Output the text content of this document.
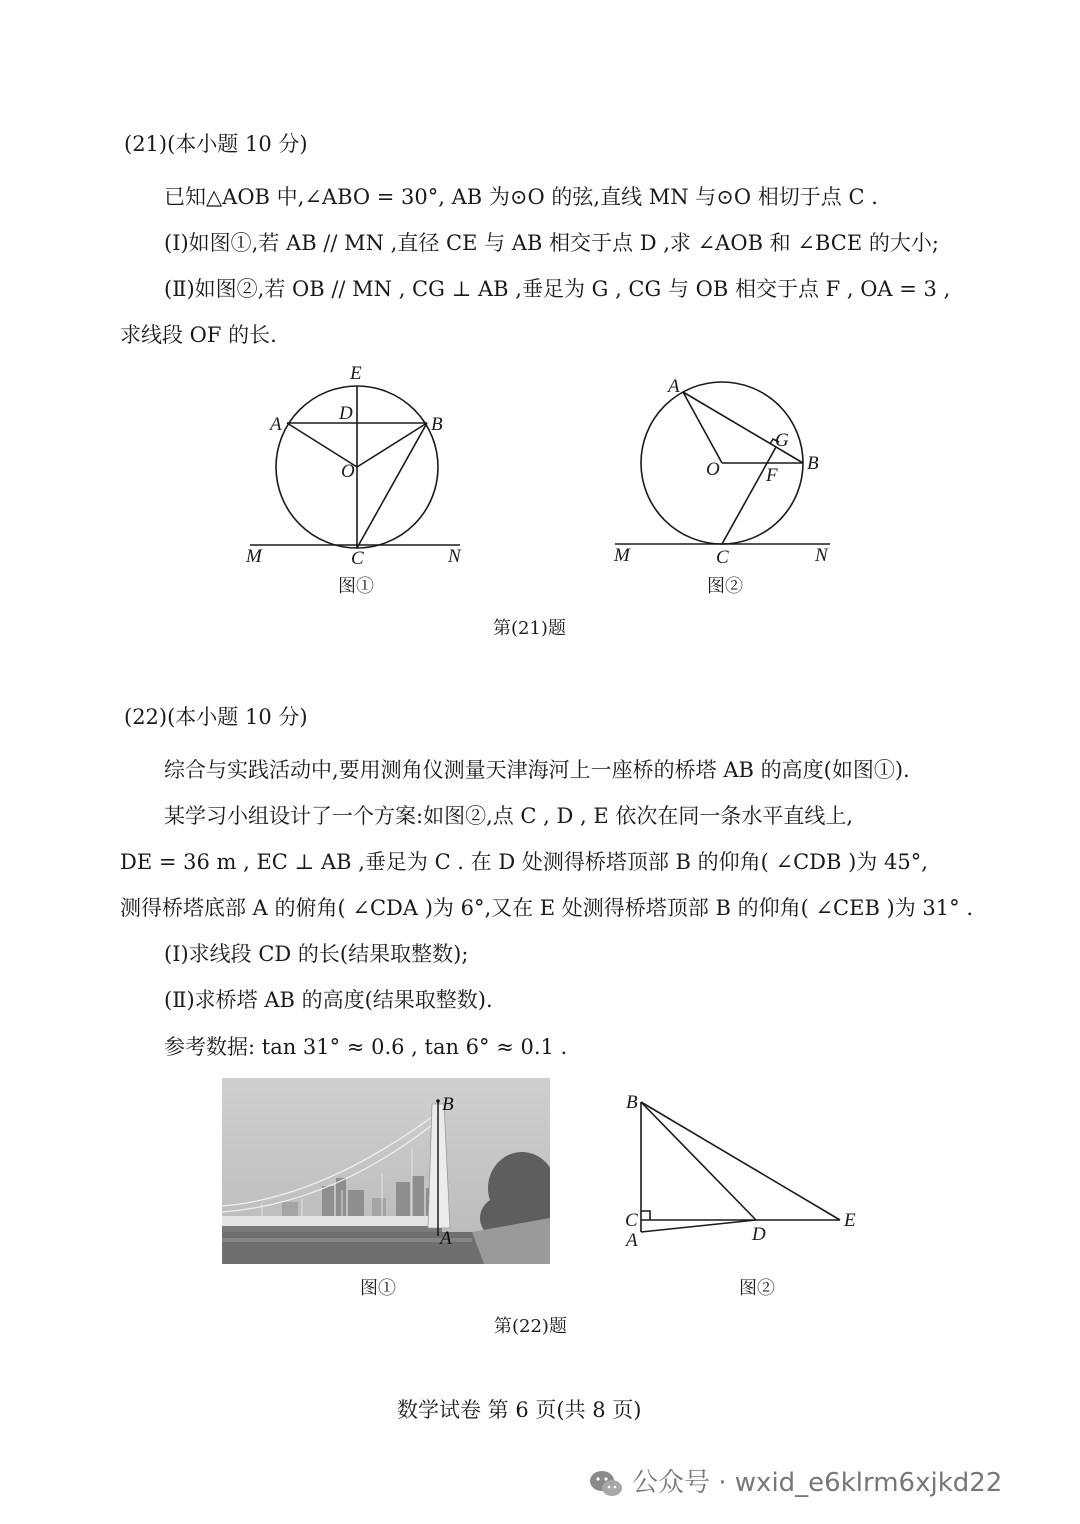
(21)(本小题 10 分)
已知△AOB 中,∠ABO = 30°, AB 为⊙O 的弦,直线 MN 与⊙O 相切于点 C .
(Ⅰ)如图①,若 AB // MN ,直径 CE 与 AB 相交于点 D ,求 ∠AOB 和 ∠BCE 的大小;
(Ⅱ)如图②,若 OB // MN , CG ⊥ AB ,垂足为 G , CG 与 OB 相交于点 F , OA = 3 ,
求线段 OF 的长.
E
D
A	B
O
M	C	N
图①
A
G
O	B
F
M	C	N
图②
第(21)题
(22)(本小题 10 分)
综合与实践活动中,要用测角仪测量天津海河上一座桥的桥塔 AB 的高度(如图①).
某学习小组设计了一个方案:如图②,点 C , D , E 依次在同一条水平直线上,
DE = 36 m , EC ⊥ AB ,垂足为 C . 在 D 处测得桥塔顶部 B 的仰角( ∠CDB )为 45°,
测得桥塔底部 A 的俯角( ∠CDA )为 6°,又在 E 处测得桥塔顶部 B 的仰角( ∠CEB )为 31° .
(Ⅰ)求线段 CD 的长(结果取整数);
(Ⅱ)求桥塔 AB 的高度(结果取整数).
参考数据: tan 31° ≈ 0.6 , tan 6° ≈ 0.1 .
B
A
图①
B
C
A	D
E
图②
第(22)题
数学试卷 第 6 页(共 8 页)
公众号 · wxid_e6klrm6xjkd22
